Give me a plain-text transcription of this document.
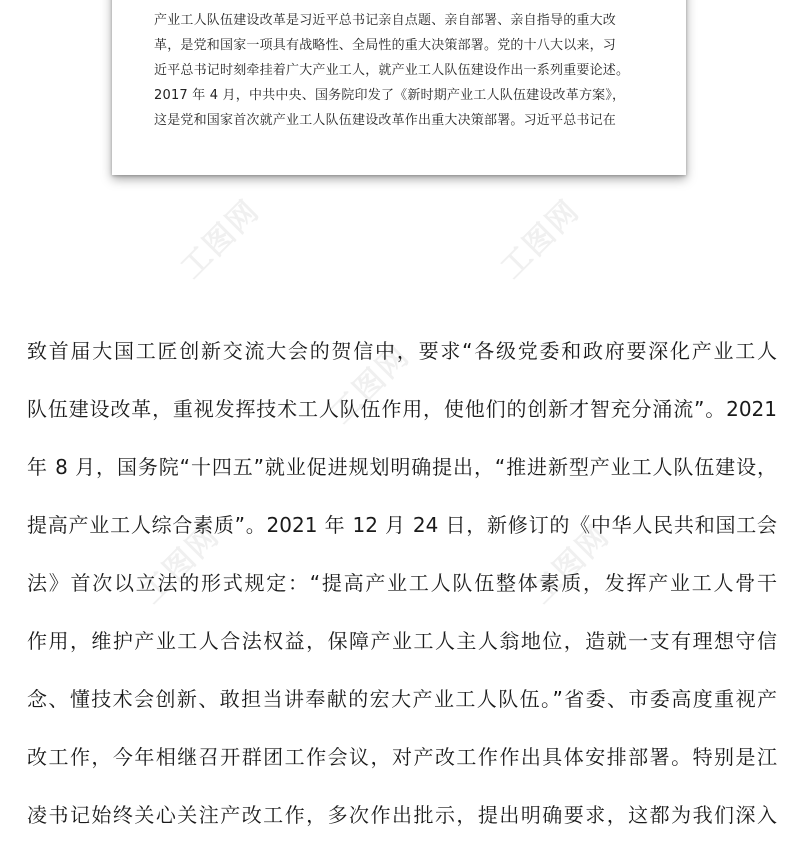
产业工人队伍建设改革是习近平总书记亲自点题、亲自部署、亲自指导的重大改
革，是党和国家一项具有战略性、全局性的重大决策部署。党的十八大以来，习
近平总书记时刻牵挂着广大产业工人，就产业工人队伍建设作出一系列重要论述。
2017 年 4 月，中共中央、国务院印发了《新时期产业工人队伍建设改革方案》，
这是党和国家首次就产业工人队伍建设改革作出重大决策部署。习近平总书记在
工图网	工图网
工图网
工图网	工图网
致首届大国工匠创新交流大会的贺信中，要求“各级党委和政府要深化产业工人
队伍建设改革，重视发挥技术工人队伍作用，使他们的创新才智充分涌流”。2021
年 8 月，国务院“十四五”就业促进规划明确提出，“推进新型产业工人队伍建设，
提高产业工人综合素质”。2021 年 12 月 24 日，新修订的《中华人民共和国工会
法》首次以立法的形式规定：“提高产业工人队伍整体素质，发挥产业工人骨干
作用，维护产业工人合法权益，保障产业工人主人翁地位，造就一支有理想守信
念、懂技术会创新、敢担当讲奉献的宏大产业工人队伍。”省委、市委高度重视产
改工作，今年相继召开群团工作会议，对产改工作作出具体安排部署。特别是江
凌书记始终关心关注产改工作，多次作出批示，提出明确要求，这都为我们深入
